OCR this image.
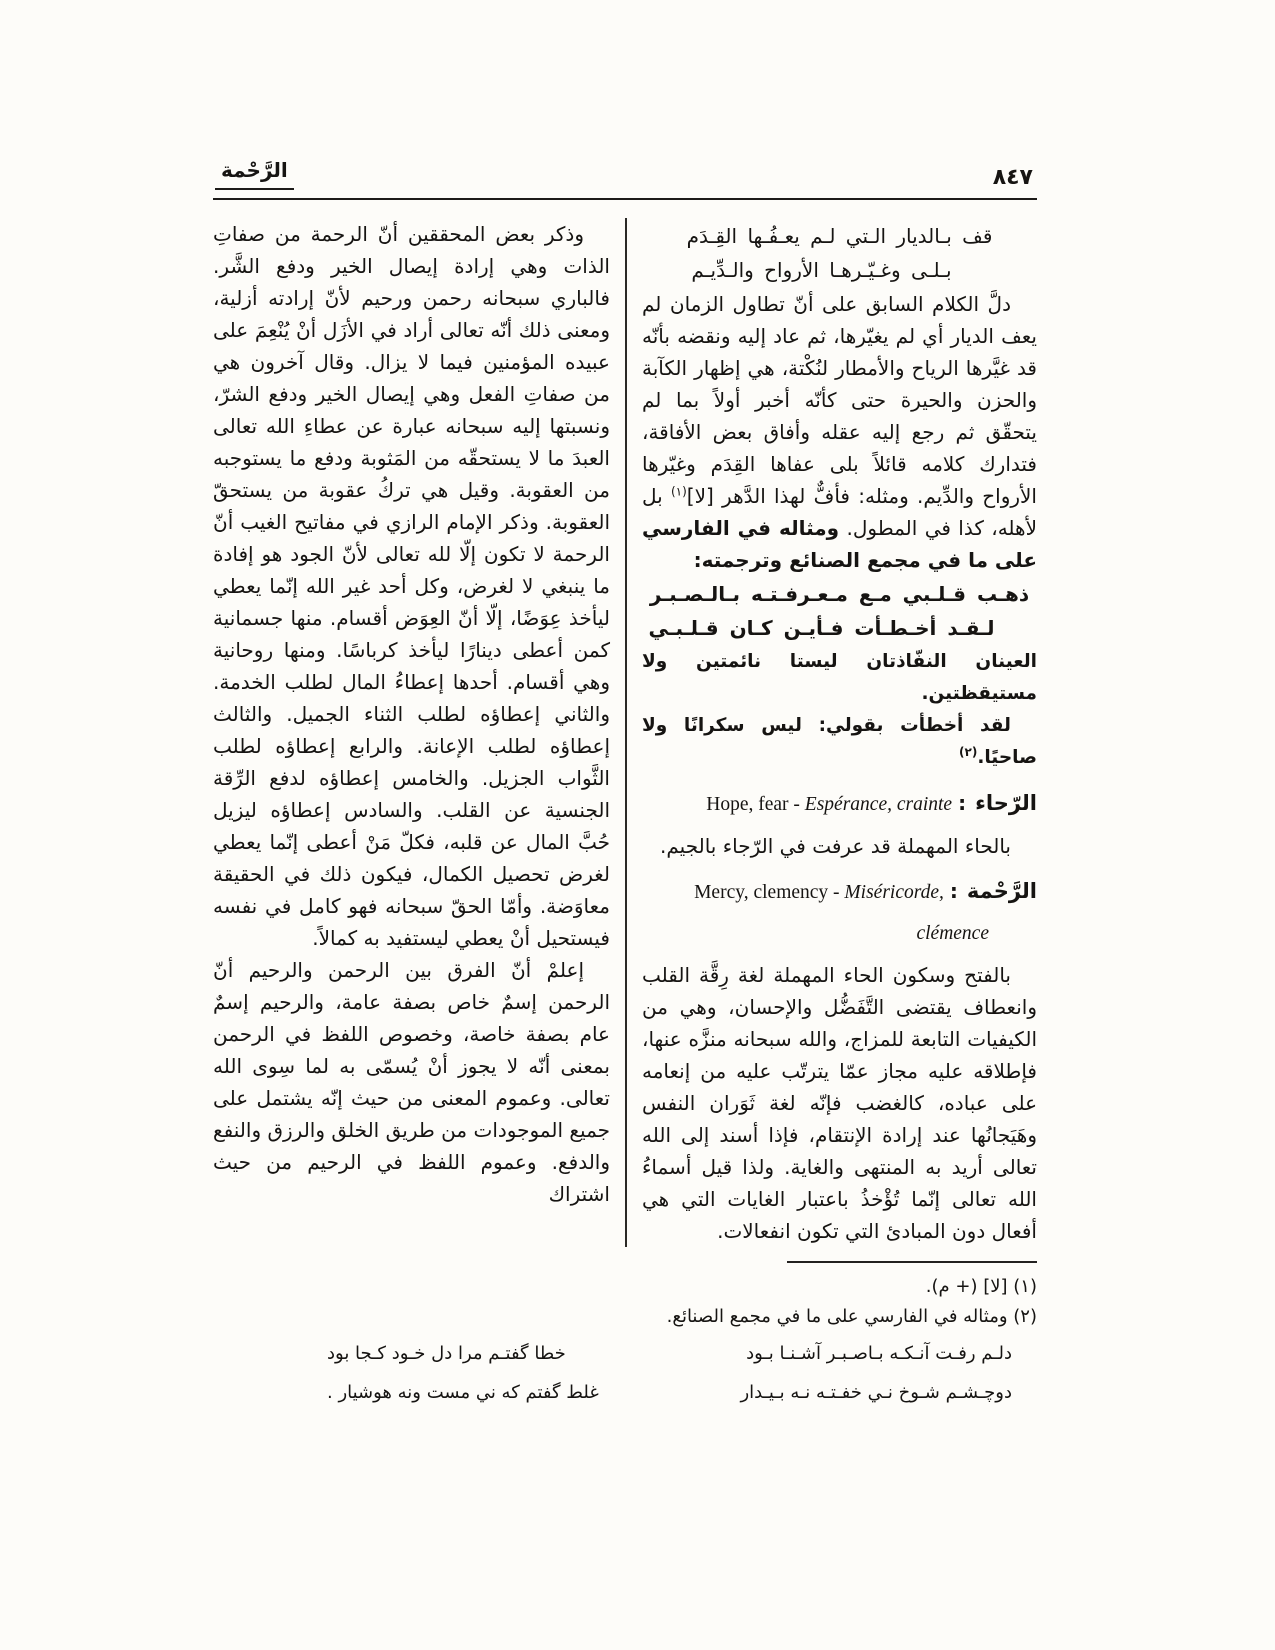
٨٤٧
الرَّحْمة

قف بـالديار الـتي لـم يعـفُـها القِـدَم

بـلـى وغـيّـرهـا الأرواح والـدِّيـم

دلَّ الكلام السابق على أنّ تطاول الزمان لم يعف الديار أي لم يغيّرها، ثم عاد إليه ونقضه بأنّه قد غيَّرها الرياح والأمطار لنُكْتة، هي إظهار الكآبة والحزن والحيرة حتى كأنّه أخبر أولاً بما لم يتحقّق ثم رجع إليه عقله وأفاق بعض الأفاقة، فتدارك كلامه قائلاً بلى عفاها القِدَم وغيّرها الأرواح والدِّيم. ومثله: فأفٌّ لهذا الدَّهر [لا]$^{(١)}$ بل لأهله، كذا في المطول. ومثاله في الفارسي على ما في مجمع الصنائع وترجمته:

ذهـب قـلـبي مـع مـعـرفـتـه بـالـصـبـر

لـقـد أخـطـأت فـأيـن كـان قـلـبـي

العينان النفّاذتان ليستا نائمتين ولا مستيقظتين.

لقد أخطأت بقولي: ليس سكرانًا ولا صاحيًا.$^{(٢)}$

الرّحاء
:
Hope, fear - Espérance, crainte

بالحاء المهملة قد عرفت في الرّجاء بالجيم.

الرَّحْمة
:
Mercy, clemency - Miséricorde,

clémence

بالفتح وسكون الحاء المهملة لغة رِقَّة القلب وانعطاف يقتضى التَّفَضُّل والإحسان، وهي من الكيفيات التابعة للمزاج، والله سبحانه منزَّه عنها، فإطلاقه عليه مجاز عمّا يترتّب عليه من إنعامه على عباده، كالغضب فإنّه لغة ثَوَران النفس وهَيَجانُها عند إرادة الإنتقام، فإذا أسند إلى الله تعالى أريد به المنتهى والغاية. ولذا قيل أسماءُ الله تعالى إنّما تُؤْخذُ باعتبار الغايات التي هي أفعال دون المبادئ التي تكون انفعالات.

وذكر بعض المحققين أنّ الرحمة من صفاتِ الذات وهي إرادة إيصال الخير ودفع الشَّر. فالباري سبحانه رحمن ورحيم لأنّ إرادته أزلية، ومعنى ذلك أنّه تعالى أراد في الأزَل أنْ يُنْعِمَ على عبيده المؤمنين فيما لا يزال. وقال آخرون هي من صفاتِ الفعل وهي إيصال الخير ودفع الشرّ، ونسبتها إليه سبحانه عبارة عن عطاءِ الله تعالى العبدَ ما لا يستحقّه من المَثوبة ودفع ما يستوجبه من العقوبة. وقيل هي تركُ عقوبة من يستحقّ العقوبة. وذكر الإمام الرازي في مفاتيح الغيب أنّ الرحمة لا تكون إلّا لله تعالى لأنّ الجود هو إفادة ما ينبغي لا لغرض، وكل أحد غير الله إنّما يعطي ليأخذ عِوَضًا، إلّا أنّ العِوَض أقسام. منها جسمانية كمن أعطى دينارًا ليأخذ كرباسًا. ومنها روحانية وهي أقسام. أحدها إعطاءُ المال لطلب الخدمة. والثاني إعطاؤه لطلب الثناء الجميل. والثالث إعطاؤه لطلب الإعانة. والرابع إعطاؤه لطلب الثَّواب الجزيل. والخامس إعطاؤه لدفع الرِّقة الجنسية عن القلب. والسادس إعطاؤه ليزيل حُبَّ المال عن قلبه، فكلّ مَنْ أعطى إنّما يعطي لغرض تحصيل الكمال، فيكون ذلك في الحقيقة معاوَضة. وأمّا الحقّ سبحانه فهو كامل في نفسه فيستحيل أنْ يعطي ليستفيد به كمالاً.

إعلمْ أنّ الفرق بين الرحمن والرحيم أنّ الرحمن إسمٌ خاص بصفة عامة، والرحيم إسمٌ عام بصفة خاصة، وخصوص اللفظ في الرحمن بمعنى أنّه لا يجوز أنْ يُسمّى به لما سِوى الله تعالى. وعموم المعنى من حيث إنّه يشتمل على جميع الموجودات من طريق الخلق والرزق والنفع والدفع. وعموم اللفظ في الرحيم من حيث اشتراك

(١) [لا] (+ م).

(٢) ومثاله في الفارسي على ما في مجمع الصنائع.

دلـم رفـت آنـكـه بـاصـبـر آشـنـا بـود
خطا گفتـم مرا دل خـود كـجا بود
دوچـشـم شـوخ نـي خفـتـه نـه بـيـدار
غلط گفتم كه ني مست ونه هوشيار .
